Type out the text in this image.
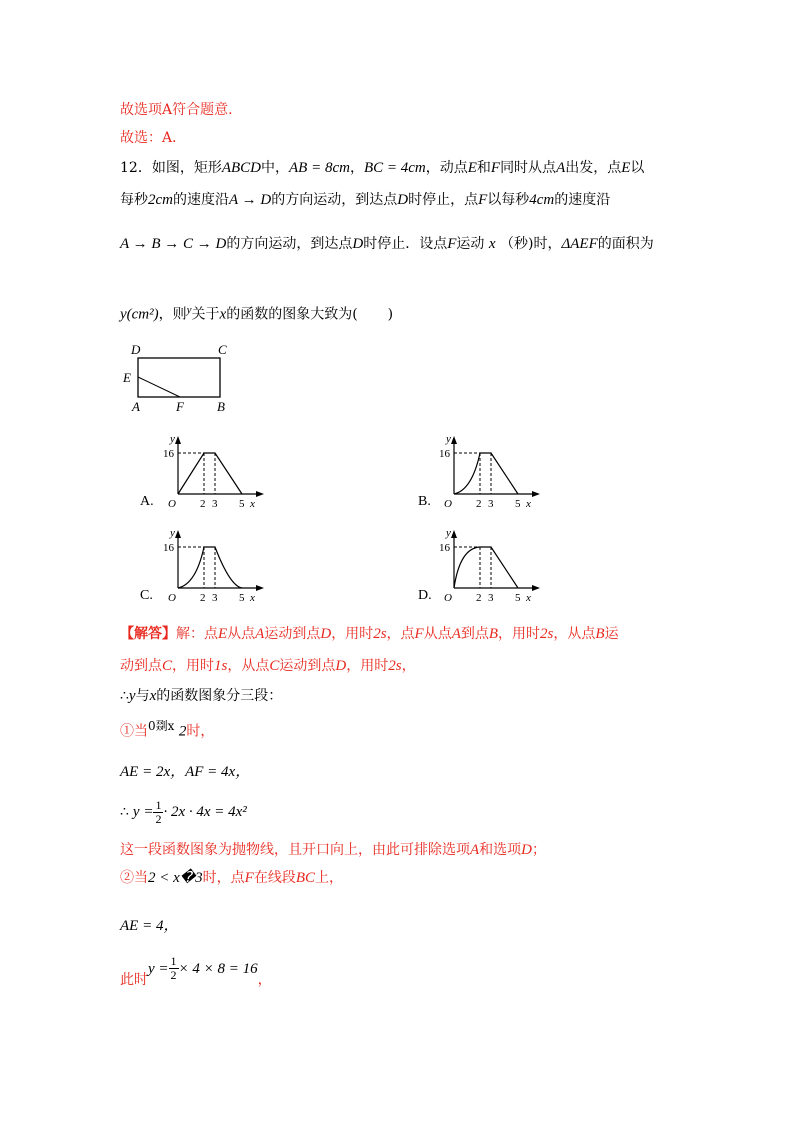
故选项A符合题意.
故选：A．
12．如图，矩形ABCD中，AB = 8cm，BC = 4cm，动点E和F同时从点A出发，点E以
每秒2cm的速度沿A → D的方向运动，到达点D时停止，点F以每秒4cm的速度沿
A → B → C → D的方向运动，到达点D时停止．设点F运动 x （秒)时，ΔAEF的面积为
y(cm²)，则$^y$关于x的函数的图象大致为( )
D	C
E
A	F	B
A.
y
16
O 2 3 5 x	B.
y
16
O 2 3 5 x
C.
y
16
O 2 3 5 x	D.
y
16
O 2 3 5 x
【解答】解：点E从点A运动到点D，用时2s，点F从点A到点B，用时2s，从点B运
动到点C，用时1s，从点C运动到点D，用时2s，
∴y与x的函数图象分三段：
①当$^{0剟x}$ 2时，
AE = 2x，AF = 4x，
∴ $y = \frac{1}{2} \cdot 2x \cdot 4x = 4x^2$
这一段函数图象为抛物线，且开口向上，由此可排除选项A和选项D；
②当2 < x�3时，点F在线段BC上，
AE = 4，
此时
$y = \frac{1}{2} \times 4 \times 8 = 16$
，
